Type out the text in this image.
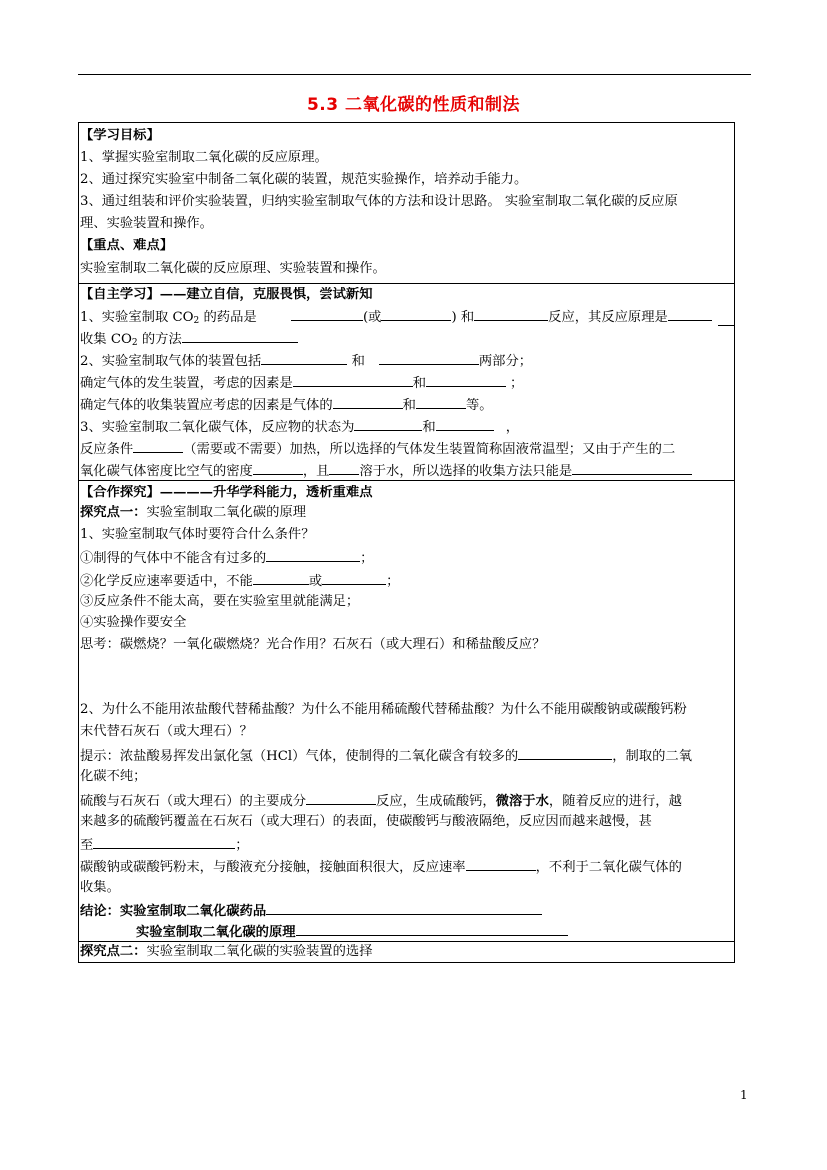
5.3 二氧化碳的性质和制法
【学习目标】
1、掌握实验室制取二氧化碳的反应原理。
2、通过探究实验室中制备二氧化碳的装置，规范实验操作，培养动手能力。
3、通过组装和评价实验装置，归纳实验室制取气体的方法和设计思路。 实验室制取二氧化碳的反应原
理、实验装置和操作。
【重点、难点】
实验室制取二氧化碳的反应原理、实验装置和操作。
【自主学习】——建立自信，克服畏惧，尝试新知
1、实验室制取 $CO_2$ 的药品是	(或	) 和	反应，其反应原理是
收集 $CO_2$ 的方法
2、实验室制取气体的装置包括	和	两部分；
确定气体的发生装置，考虑的因素是	和	；
确定气体的收集装置应考虑的因素是气体的	和	等。
3、实验室制取二氧化碳气体，反应物的状态为	和	，
反应条件	（需要或不需要）加热，所以选择的气体发生装置简称固液常温型；又由于产生的二
氧化碳气体密度比空气的密度	，且 溶于水，所以选择的收集方法只能是
【合作探究】————升华学科能力，透析重难点
探究点一：实验室制取二氧化碳的原理
1、实验室制取气体时要符合什么条件？
①制得的气体中不能含有过多的	；
②化学反应速率要适中，不能	或	；
③反应条件不能太高，要在实验室里就能满足；
④实验操作要安全
思考：碳燃烧？一氧化碳燃烧？光合作用？石灰石（或大理石）和稀盐酸反应？
2、为什么不能用浓盐酸代替稀盐酸？为什么不能用稀硫酸代替稀盐酸？为什么不能用碳酸钠或碳酸钙粉
末代替石灰石（或大理石）？
提示：浓盐酸易挥发出氯化氢（HCl）气体，使制得的二氧化碳含有较多的	，制取的二氧
化碳不纯；
硫酸与石灰石（或大理石）的主要成分	反应，生成硫酸钙，微溶于水，随着反应的进行，越
来越多的硫酸钙覆盖在石灰石（或大理石）的表面，使碳酸钙与酸液隔绝，反应因而越来越慢，甚
至	；
碳酸钠或碳酸钙粉末，与酸液充分接触，接触面积很大，反应速率	，不利于二氧化碳气体的
收集。
结论：实验室制取二氧化碳药品
实验室制取二氧化碳的原理
探究点二：实验室制取二氧化碳的实验装置的选择
1
